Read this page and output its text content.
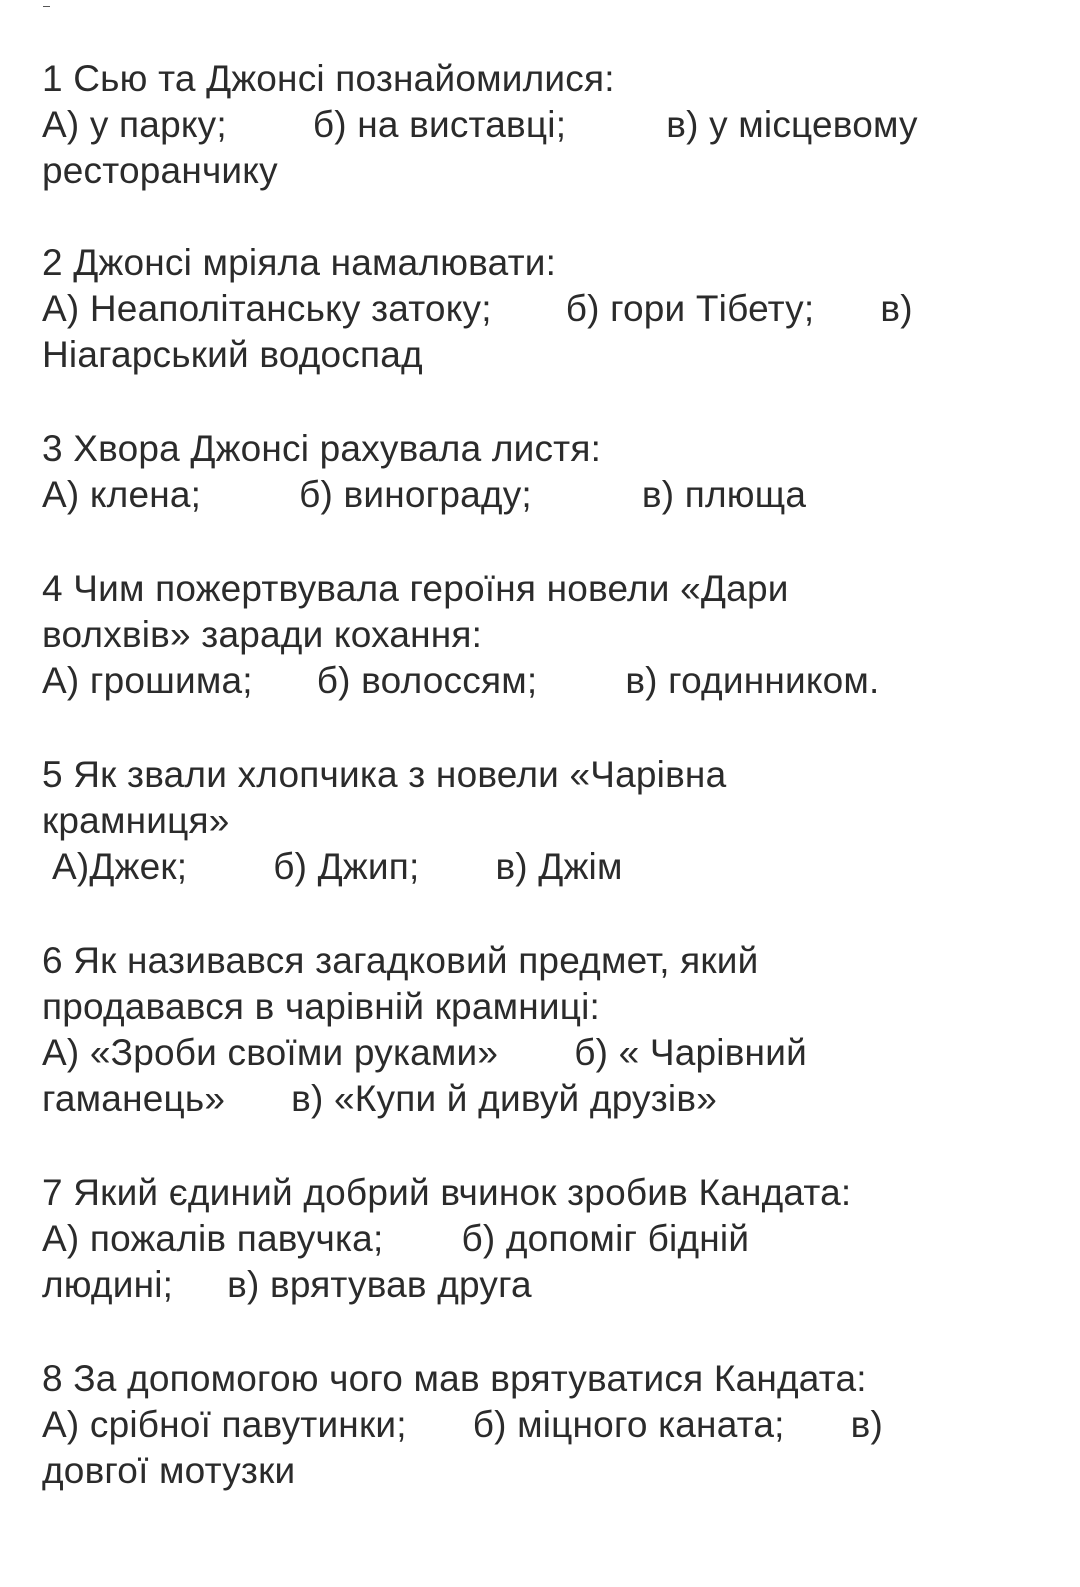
1 Сью та Джонсі познайомилися:
А) у парку; б) на виставці;	в) у місцевому
ресторанчику
2 Джонсі мріяла намалювати:
А) Неаполітанську затоку; б) гори Тібету; в)
Ніагарський водоспад
3 Хвора Джонсі рахувала листя:
А) клена;	б) винограду;	в) плюща
4 Чим пожертвувала героїня новели «Дари
волхвів» заради кохання:
А) грошима; б) волоссям; в) годинником.
5 Як звали хлопчика з новели «Чарівна
крамниця»
А)Джек; б) Джип; в) Джім
6 Як називався загадковий предмет, який
продавався в чарівній крамниці:
А) «Зроби своїми руками» б) « Чарівний
гаманець» в) «Купи й дивуй друзів»
7 Який єдиний добрий вчинок зробив Кандата:
А) пожалів павучка; б) допоміг бідній
людині; в) врятував друга
8 За допомогою чого мав врятуватися Кандата:
А) срібної павутинки; б) міцного каната; в)
довгої мотузки
